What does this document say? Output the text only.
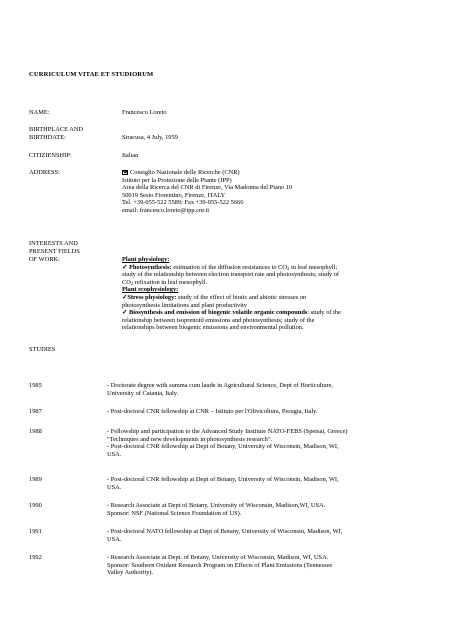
CURRICULUM VITAE ET STUDIORUM
NAME:	Francesco Loreto
BIRTHPLACE AND
BIRTHDATE:	Siracusa, 4 July, 1959
CITIZIENSHIP:	Italian
ADDRESS:	Consiglio Nazionale delle Ricerche (CNR)
Istituto per la Protezione delle Piante (IPP)
Area della Ricerca del CNR di Firenze, Via Madonna del Piano 10
50019 Sesto Fiorentino, Firenze, ITALY
Tel. +39-055-522 5589; Fax +39-055-522 5666
email: francesco.loreto@ipp.cnr.it
INTERESTS AND
PRESENT FIELDS
OF WORK:	Plant physiology:
✓ Photosynthesis: estimation of the diffusion resistances to $CO_2$ in leaf mesophyll;
study of the relationship between electron transport rate and photosynthesis; study of
$CO_2$ refixation in leaf mesophyll.
Plant ecophysiology:
✓Stress physiology: study of the effect of biotic and abiotic stresses on
photosynthesis limitations and plant productivity
✓ Biosynthesis and emission of biogenic volatile organic compounds: study of the
relationship between isoprenoid emissions and photosynthesis; study of the
relationships between biogenic emissions and environmental pollution.
STUDIES
1985	- Doctorate degree with summa cum laude in Agricultural Science, Dept of Horticulture,
University of Catania, Italy.
1987	- Post-doctoral CNR fellowship at CNR – Istituto per l'Olivicoltura, Perugia, Italy.
1988	- Fellowship and participation to the Advanced Study Institute NATO-FEBS (Spetsai, Greece)
"Techniques and new developments in photosynthesis research".
- Post-doctoral CNR fellowship at Dept of Botany, University of Wisconsin, Madison, WI,
USA.
1989	- Post-doctoral CNR fellowship at Dept of Botany, University of Wisconsin, Madison, WI,
USA.
1990	- Research Associate at Dept of Botany, University of Wisconsin, Madison,WI, USA.
Sponsor: NSF (National Science Foundation of US).
1991	- Post-doctoral NATO fellowship at Dept of Botany, University of Wisconsin, Madison, WI,
USA.
1992	- Research Associate at Dept. of Botany, University of Wisconsin, Madison, WI, USA.
Sponsor: Southern Oxidant Research Program on Effects of Plant Emissions (Tennessee
Valley Authority).
